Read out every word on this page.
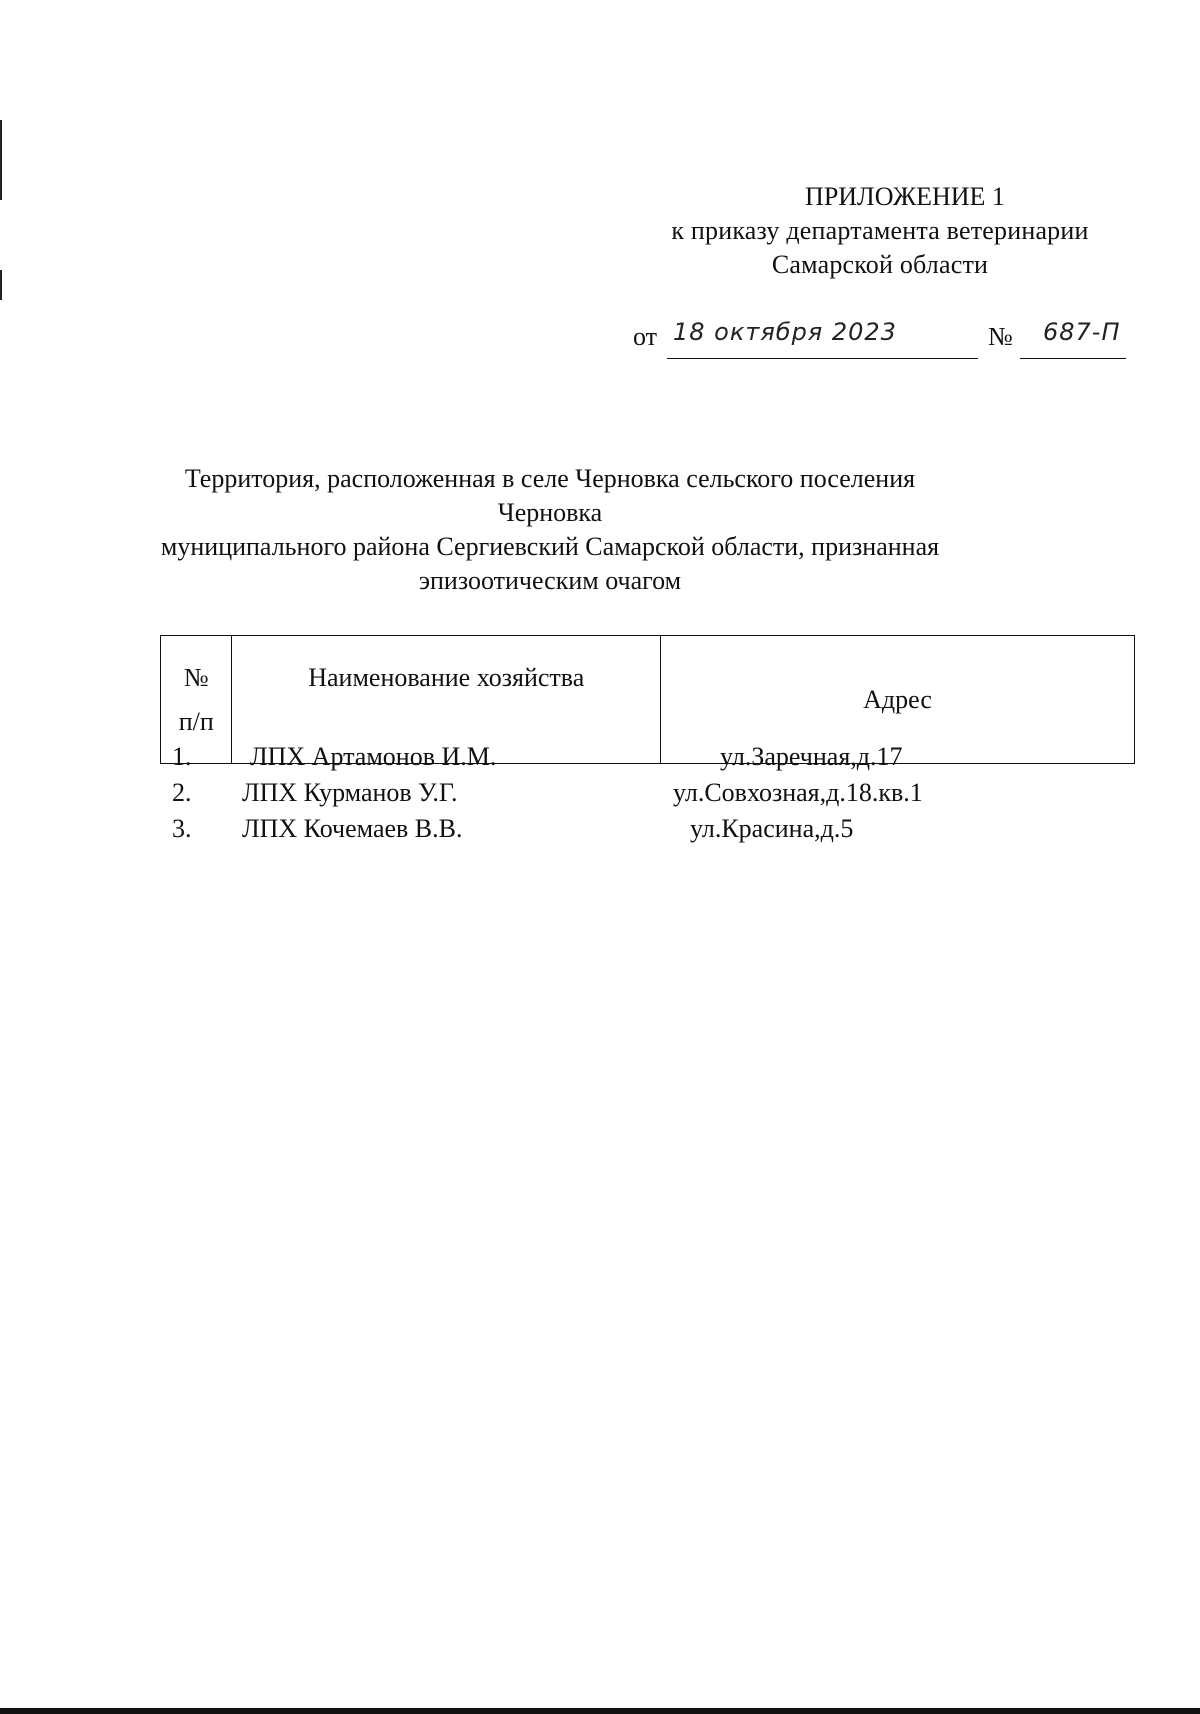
ПРИЛОЖЕНИЕ 1
к приказу департамента ветеринарии
Самарской области
от 18 октября 2023	№ 687-П
Территория, расположенная в селе Черновка сельского поселения Черновка
муниципального района Сергиевский Самарской области, признанная
эпизоотическим очагом
№
п/п
	Наименование хозяйства	Адрес
1. ЛПХ Артамонов И.М.	ул.Заречная,д.17
2. ЛПХ Курманов У.Г.	ул.Совхозная,д.18.кв.1
3. ЛПХ Кочемаев В.В.	ул.Красина,д.5
